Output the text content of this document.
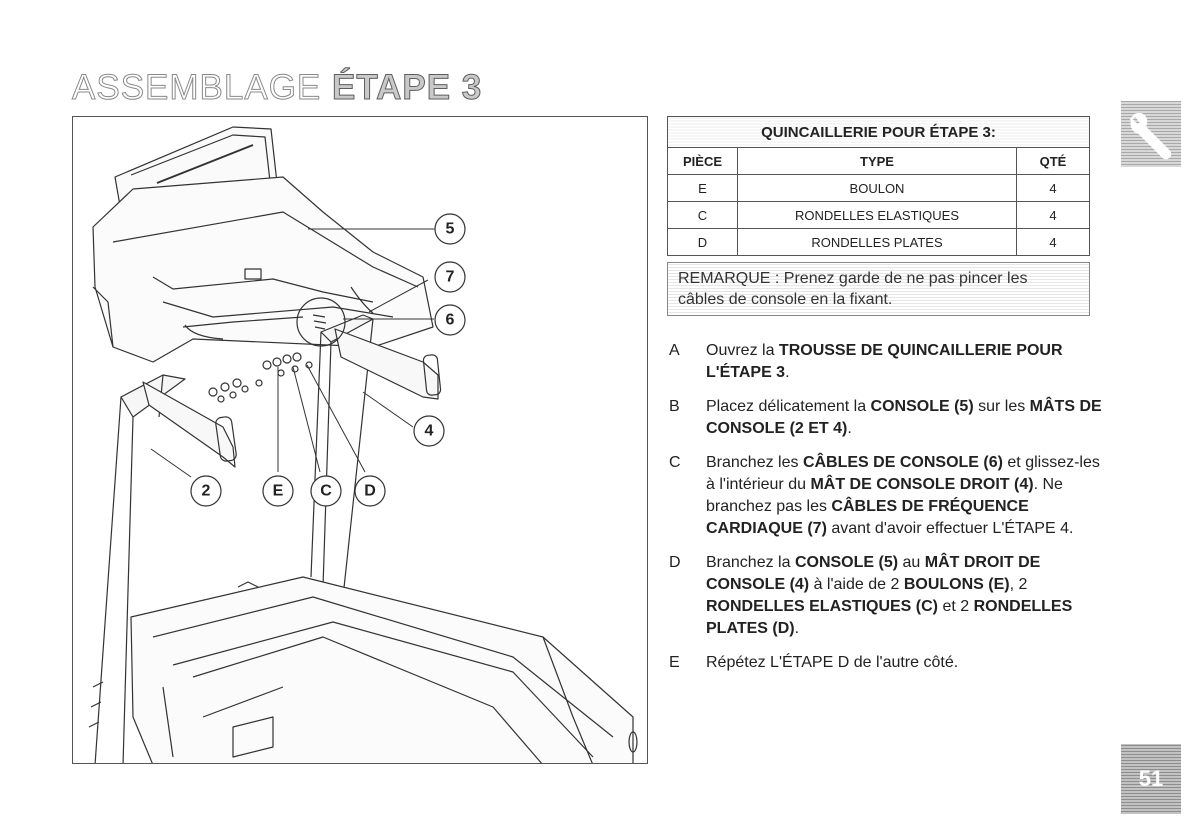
ASSEMBLAGE ÉTAPE 3
5
7
6
4
2	E C D
QUINCAILLERIE POUR ÉTAPE 3:		
PIÈCE	TYPE	QTÉ
E	BOULON	4
C	RONDELLES ELASTIQUES	4
D	RONDELLES PLATES	4
REMARQUE : Prenez garde de ne pas pincer les
câbles de console en la fixant.
A Ouvrez la TROUSSE DE QUINCAILLERIE POUR L'ÉTAPE 3.
B Placez délicatement la CONSOLE (5) sur les MÂTS DE CONSOLE (2 ET 4).
C Branchez les CÂBLES DE CONSOLE (6) et glissez-les à l'intérieur du MÂT DE CONSOLE DROIT (4). Ne branchez pas les CÂBLES DE FRÉQUENCE CARDIAQUE (7) avant d'avoir effectuer L'ÉTAPE 4.
D Branchez la CONSOLE (5) au MÂT DROIT DE CONSOLE (4) à l'aide de 2 BOULONS (E), 2 RONDELLES ELASTIQUES (C) et 2 RONDELLES PLATES (D).
E Répétez L'ÉTAPE D de l'autre côté.
51
